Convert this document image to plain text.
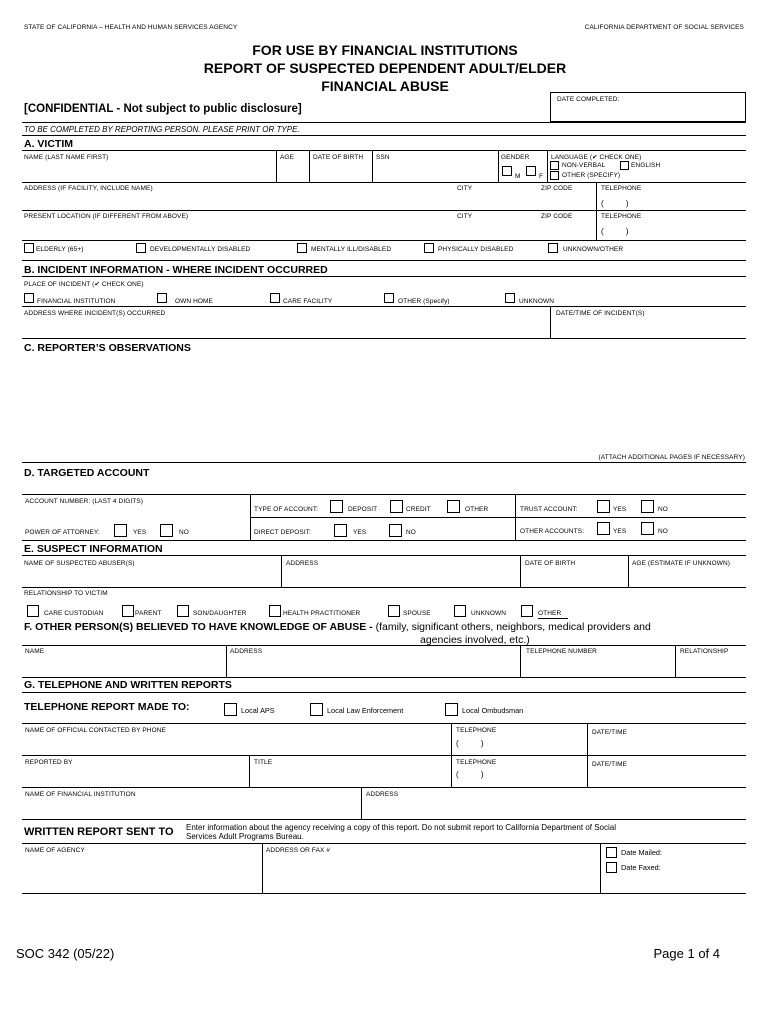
STATE OF CALIFORNIA – HEALTH AND HUMAN SERVICES AGENCY	CALIFORNIA DEPARTMENT OF SOCIAL SERVICES
FOR USE BY FINANCIAL INSTITUTIONS
REPORT OF SUSPECTED DEPENDENT ADULT/ELDER
FINANCIAL ABUSE
DATE COMPLETED:
[CONFIDENTIAL - Not subject to public disclosure]
TO BE COMPLETED BY REPORTING PERSON. PLEASE PRINT OR TYPE.
A. VICTIM
NAME (LAST NAME FIRST)	AGE	DATE OF BIRTH SSN	GENDER
M	F
LANGUAGE (✔ CHECK ONE)
NON-VERBAL	ENGLISH
OTHER (SPECIFY)
ADDRESS (IF FACILITY, INCLUDE NAME)	CITY	ZIP CODE	TELEPHONE
(          )
PRESENT LOCATION (IF DIFFERENT FROM ABOVE)	CITY	ZIP CODE	TELEPHONE
(          )
ELDERLY (65+)	DEVELOPMENTALLY DISABLED	MENTALLY ILL/DISABLED	PHYSICALLY DISABLED	UNKNOWN/OTHER
B. INCIDENT INFORMATION - WHERE INCIDENT OCCURRED
PLACE OF INCIDENT (✔ CHECK ONE)
FINANCIAL INSTITUTION	OWN HOME	CARE FACILITY	OTHER (Specify)	UNKNOWN
ADDRESS WHERE INCIDENT(S) OCCURRED	DATE/TIME OF INCIDENT(S)
C. REPORTER’S OBSERVATIONS
(ATTACH ADDITIONAL PAGES IF NECESSARY)
D. TARGETED ACCOUNT
ACCOUNT NUMBER: (LAST 4 DIGITS)
TYPE OF ACCOUNT:	DEPOSIT	CREDIT	OTHER	TRUST ACCOUNT:	YES	NO
POWER OF ATTORNEY:	YES	NO	DIRECT DEPOSIT:	YES	NO	OTHER ACCOUNTS:	YES	NO
E. SUSPECT INFORMATION
NAME OF SUSPECTED ABUSER(S)	ADDRESS	DATE OF BIRTH	AGE (ESTIMATE IF UNKNOWN)
RELATIONSHIP TO VICTIM
CARE CUSTODIAN	PARENT	SON/DAUGHTER	HEALTH PRACTITIONER	SPOUSE	UNKNOWN	OTHER
F. OTHER PERSON(S) BELIEVED TO HAVE KNOWLEDGE OF ABUSE - (family, significant others, neighbors, medical providers and
agencies involved, etc.)
NAME	ADDRESS	TELEPHONE NUMBER	RELATIONSHIP
G. TELEPHONE AND WRITTEN REPORTS
TELEPHONE REPORT MADE TO:	Local APS	Local Law Enforcement	Local Ombudsman
NAME OF OFFICIAL CONTACTED BY PHONE	TELEPHONE
(          )
DATE/TIME
REPORTED BY	TITLE	TELEPHONE
(          )
DATE/TIME
NAME OF FINANCIAL INSTITUTION	ADDRESS
WRITTEN REPORT SENT TO Enter information about the agency receiving a copy of this report. Do not submit report to California Department of Social
Services Adult Programs Bureau.
NAME OF AGENCY	ADDRESS OR FAX #	Date Mailed:
Date Faxed:
SOC 342 (05/22)	Page 1 of 4
